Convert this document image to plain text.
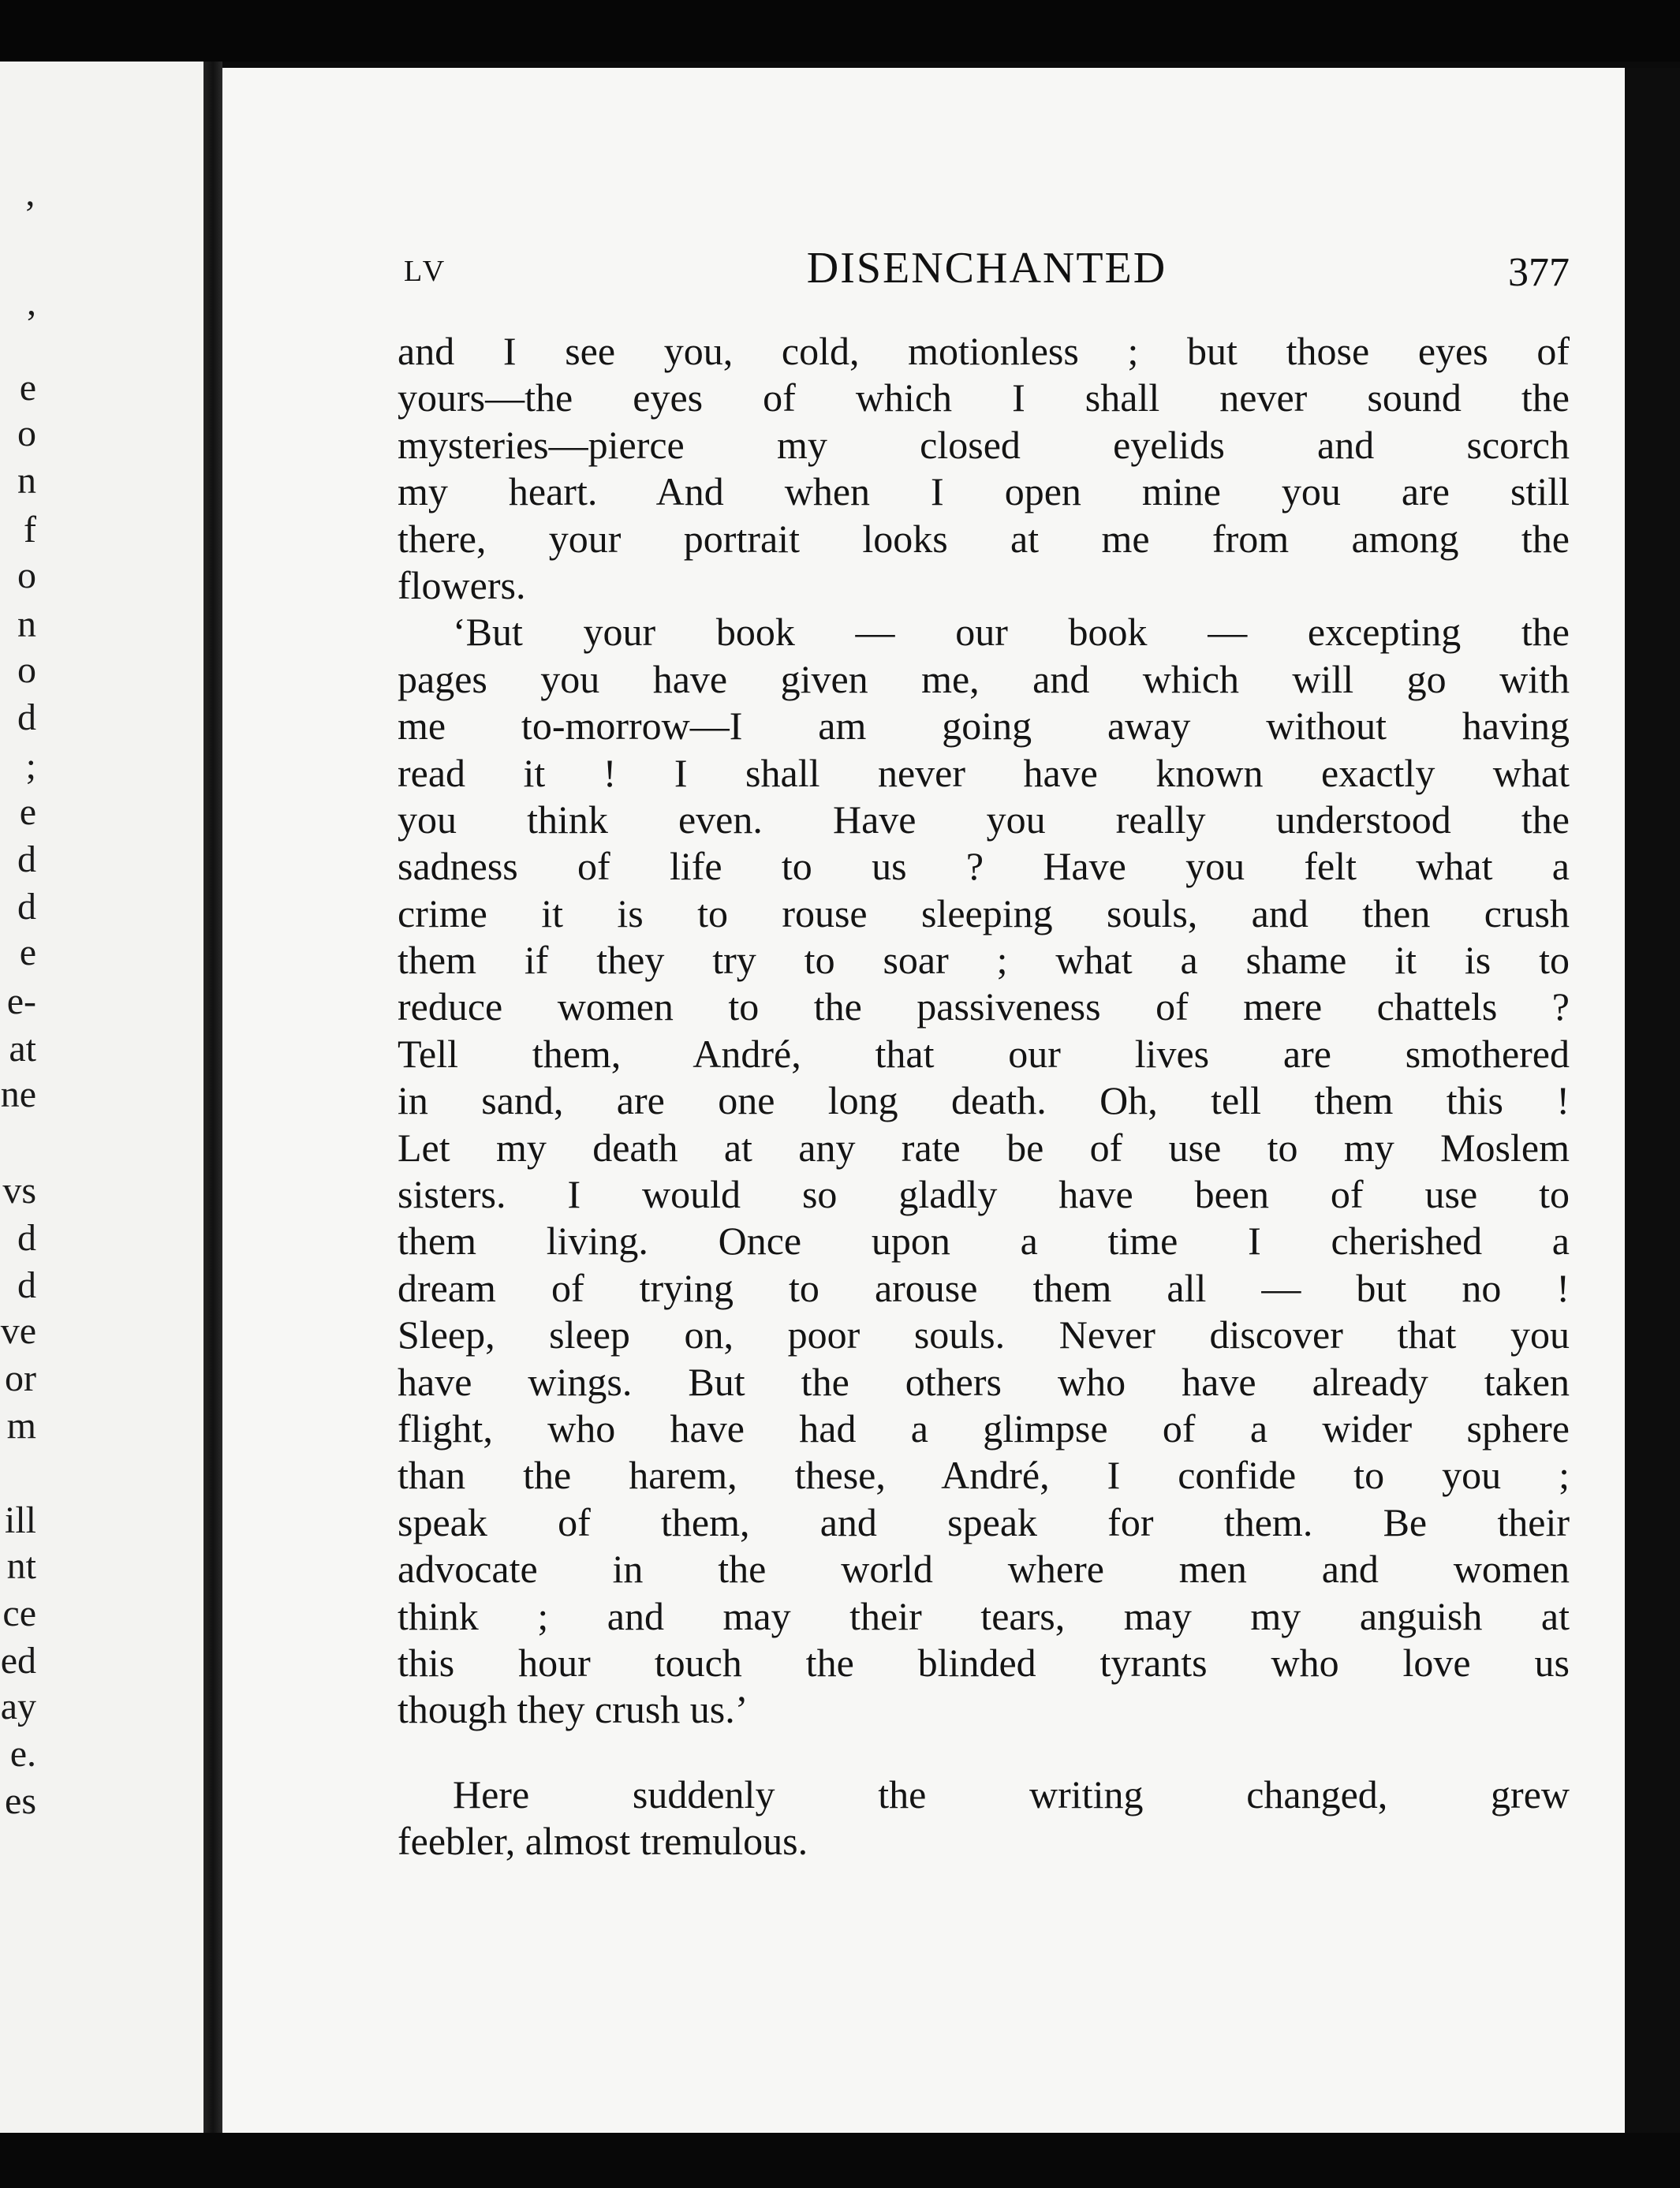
’

,

e

o

n

f

o

n

o

d

;

e

d

d

e

e-

at

ne

vs

d

d

ve

or

m

ill

nt

ce

ed

ay

e.

es

LV	DISENCHANTED	377

and I see you, cold, motionless ; but those eyes of

yours—the eyes of which I shall never sound the

mysteries—pierce my closed eyelids and scorch

my heart. And when I open mine you are still

there, your portrait looks at me from among the

flowers.

‘But your book — our book — excepting the

pages you have given me, and which will go with

me to-morrow—I am going away without having

read it ! I shall never have known exactly what

you think even. Have you really understood the

sadness of life to us ? Have you felt what a

crime it is to rouse sleeping souls, and then crush

them if they try to soar ; what a shame it is to

reduce women to the passiveness of mere chattels ?

Tell them, André, that our lives are smothered

in sand, are one long death. Oh, tell them this !

Let my death at any rate be of use to my Moslem

sisters. I would so gladly have been of use to

them living. Once upon a time I cherished a

dream of trying to arouse them all — but no !

Sleep, sleep on, poor souls. Never discover that you

have wings. But the others who have already taken

flight, who have had a glimpse of a wider sphere

than the harem, these, André, I confide to you ;

speak of them, and speak for them. Be their

advocate in the world where men and women

think ; and may their tears, may my anguish at

this hour touch the blinded tyrants who love us

though they crush us.’

Here suddenly the writing changed, grew

feebler, almost tremulous.
